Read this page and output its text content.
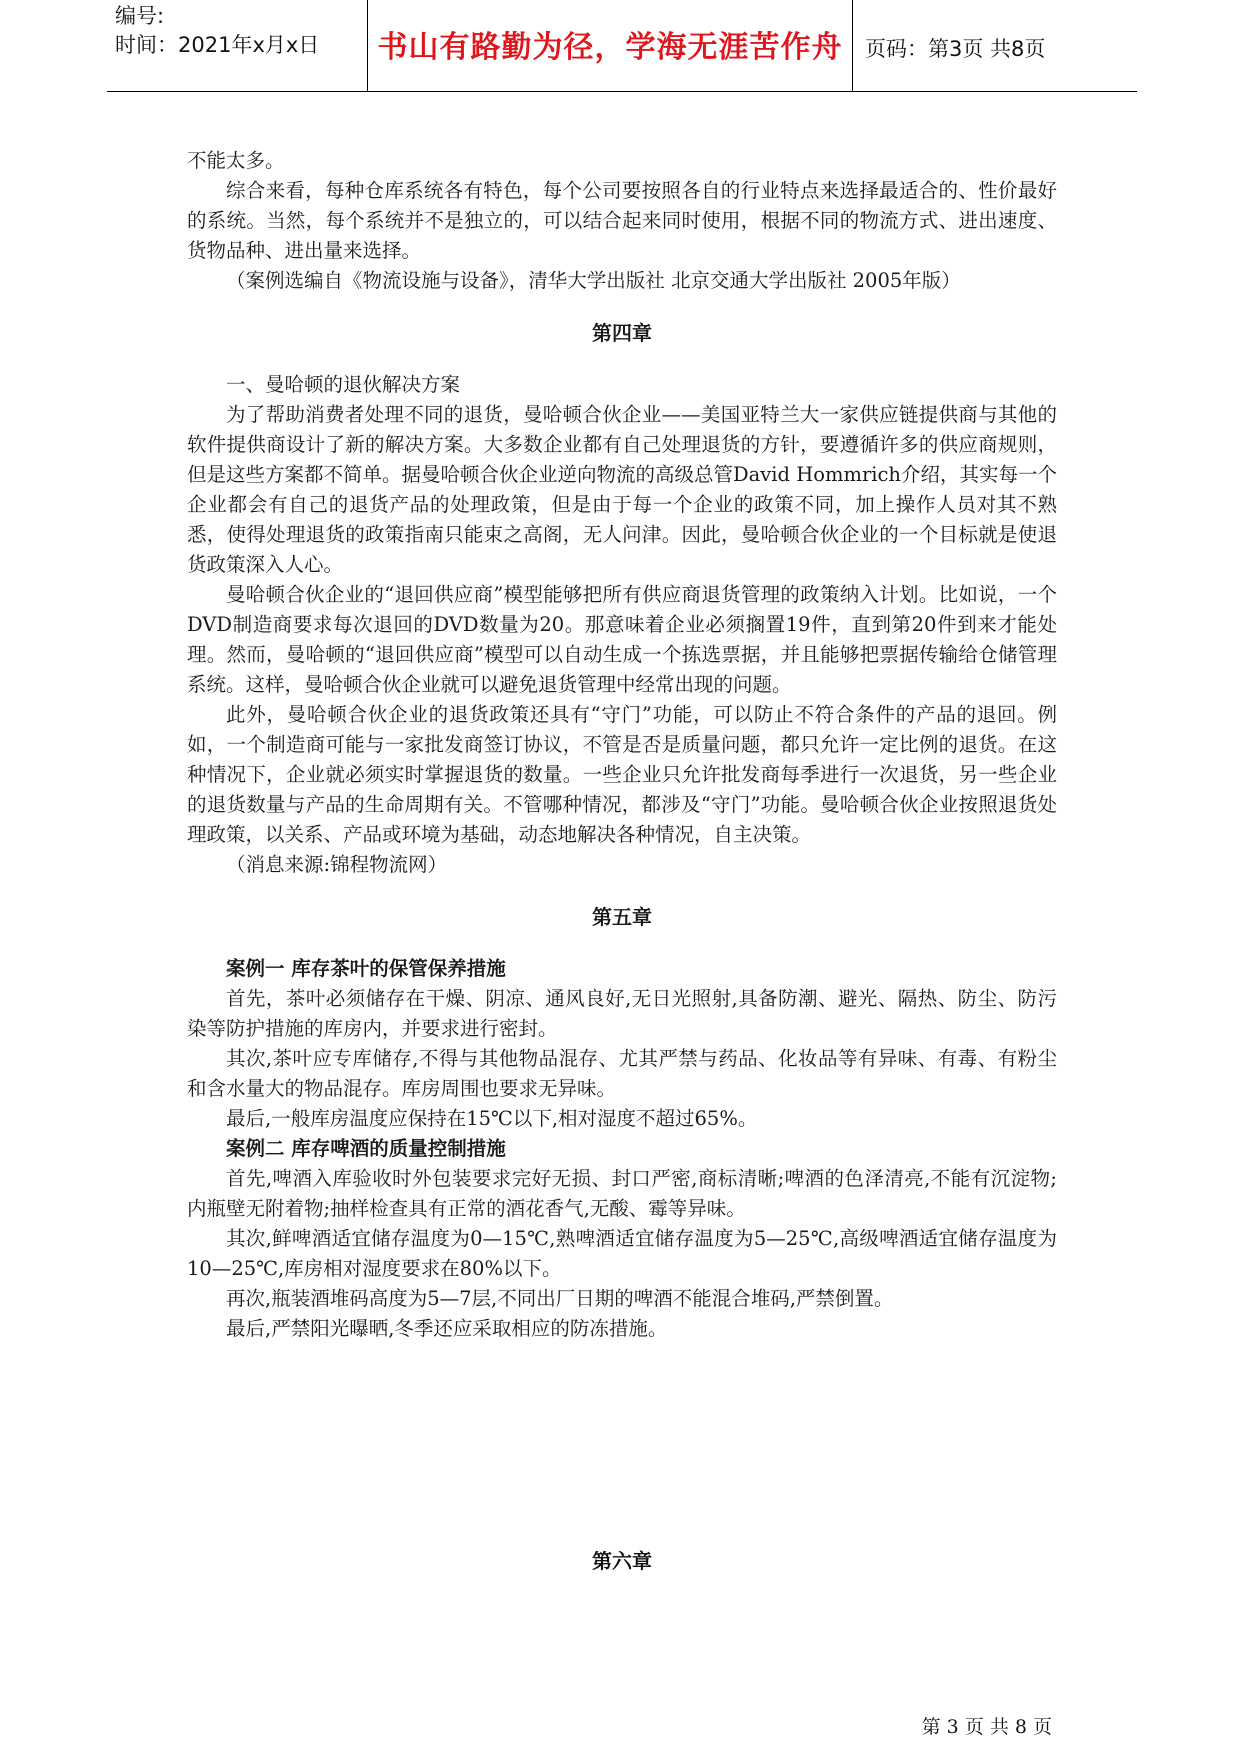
编号:
时间：2021年x月x日	书山有路勤为径，学海无涯苦作舟	页码：第3页 共8页

不能太多。

综合来看，每种仓库系统各有特色，每个公司要按照各自的行业特点来选择最适合的、性价最好的系统。当然，每个系统并不是独立的，可以结合起来同时使用，根据不同的物流方式、进出速度、货物品种、进出量来选择。

（案例选编自《物流设施与设备》，清华大学出版社 北京交通大学出版社 2005年版）

第四章

一、曼哈顿的退伙解决方案

为了帮助消费者处理不同的退货，曼哈顿合伙企业——美国亚特兰大一家供应链提供商与其他的软件提供商设计了新的解决方案。大多数企业都有自己处理退货的方针，要遵循许多的供应商规则，但是这些方案都不简单。据曼哈顿合伙企业逆向物流的高级总管David Hommrich介绍，其实每一个企业都会有自己的退货产品的处理政策，但是由于每一个企业的政策不同，加上操作人员对其不熟悉，使得处理退货的政策指南只能束之高阁，无人问津。因此，曼哈顿合伙企业的一个目标就是使退货政策深入人心。

曼哈顿合伙企业的“退回供应商”模型能够把所有供应商退货管理的政策纳入计划。比如说，一个DVD制造商要求每次退回的DVD数量为20。那意味着企业必须搁置19件，直到第20件到来才能处理。然而，曼哈顿的“退回供应商”模型可以自动生成一个拣选票据，并且能够把票据传输给仓储管理系统。这样，曼哈顿合伙企业就可以避免退货管理中经常出现的问题。

此外，曼哈顿合伙企业的退货政策还具有“守门”功能，可以防止不符合条件的产品的退回。例如，一个制造商可能与一家批发商签订协议，不管是否是质量问题，都只允许一定比例的退货。在这种情况下，企业就必须实时掌握退货的数量。一些企业只允许批发商每季进行一次退货，另一些企业的退货数量与产品的生命周期有关。不管哪种情况，都涉及“守门”功能。曼哈顿合伙企业按照退货处理政策，以关系、产品或环境为基础，动态地解决各种情况，自主决策。

（消息来源:锦程物流网）

第五章

案例一 库存茶叶的保管保养措施

首先，茶叶必须储存在干燥、阴凉、通风良好,无日光照射,具备防潮、避光、隔热、防尘、防污染等防护措施的库房内，并要求进行密封。

其次,茶叶应专库储存,不得与其他物品混存、尤其严禁与药品、化妆品等有异味、有毒、有粉尘和含水量大的物品混存。库房周围也要求无异味。

最后,一般库房温度应保持在15℃以下,相对湿度不超过65%。

案例二 库存啤酒的质量控制措施

首先,啤酒入库验收时外包装要求完好无损、封口严密,商标清晰;啤酒的色泽清亮,不能有沉淀物;内瓶壁无附着物;抽样检查具有正常的酒花香气,无酸、霉等异味。

其次,鲜啤酒适宜储存温度为0—15℃,熟啤酒适宜储存温度为5—25℃,高级啤酒适宜储存温度为10—25℃,库房相对湿度要求在80%以下。

再次,瓶装酒堆码高度为5—7层,不同出厂日期的啤酒不能混合堆码,严禁倒置。

最后,严禁阳光曝晒,冬季还应采取相应的防冻措施。

第六章
第 3 页 共 8 页
